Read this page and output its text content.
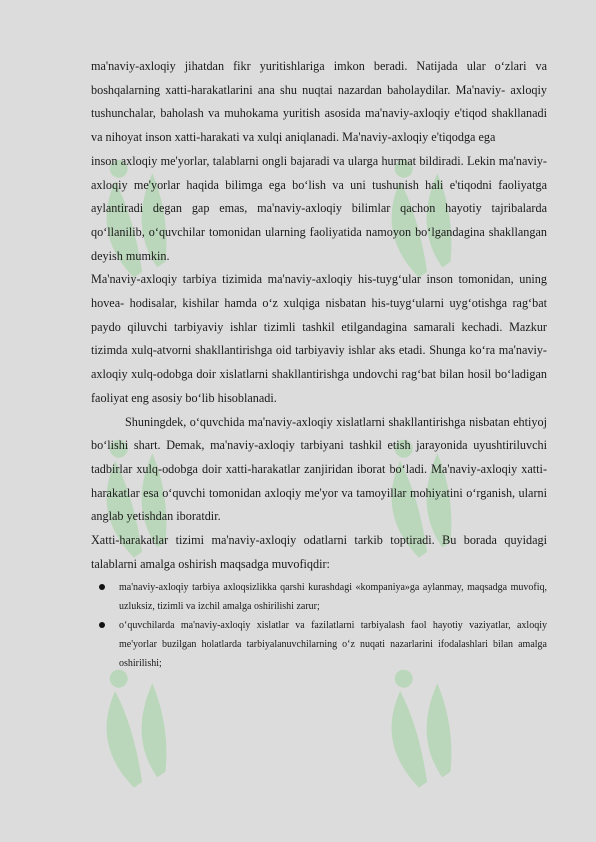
ma'naviy-axloqiy jihatdan fikr yuritishlariga imkon beradi. Natijada ular o‘zlari va boshqalarning xatti-harakatlarini ana shu nuqtai nazardan baholaydilar. Ma'naviy- axloqiy tushunchalar, baholash va muhokama yuritish asosida ma'naviy-axloqiy e'tiqod shakllanadi va nihoyat inson xatti-harakati va xulqi aniqlanadi. Ma'naviy-axloqiy e'tiqodga ega

inson axloqiy me'yorlar, talablarni ongli bajaradi va ularga hurmat bildiradi. Lekin ma'naviy- axloqiy me'yorlar haqida bilimga ega bo‘lish va uni tushunish hali e'tiqodni faoliyatga aylantiradi degan gap emas, ma'naviy-axloqiy bilimlar qachon hayotiy tajribalarda qo‘llanilib, o‘quvchilar tomonidan ularning faoliyatida namoyon bo‘lgandagina shakllangan deyish mumkin.

Ma'naviy-axloqiy tarbiya tizimida ma'naviy-axloqiy his-tuyg‘ular inson tomonidan, uning hovea- hodisalar, kishilar hamda o‘z xulqiga nisbatan his-tuyg‘ularni uyg‘otishga rag‘bat paydo qiluvchi tarbiyaviy ishlar tizimli tashkil etilgandagina samarali kechadi. Mazkur tizimda xulq-atvorni shakllantirishga oid tarbiyaviy ishlar aks etadi. Shunga ko‘ra ma'naviy-axloqiy xulq-odobga doir xislatlarni shakllantirishga undovchi rag‘bat bilan hosil bo‘ladigan faoliyat eng asosiy bo‘lib hisoblanadi.

Shuningdek, o‘quvchida ma'naviy-axloqiy xislatlarni shakllantirishga nisbatan ehtiyoj bo‘lishi shart. Demak, ma'naviy-axloqiy tarbiyani tashkil etish jarayonida uyushtiriluvchi tadbirlar xulq-odobga doir xatti-harakatlar zanjiridan iborat bo‘ladi. Ma'naviy-axloqiy xatti- harakatlar esa o‘quvchi tomonidan axloqiy me'yor va tamoyillar mohiyatini o‘rganish, ularni anglab yetishdan iboratdir.

Xatti-harakatlar tizimi ma'naviy-axloqiy odatlarni tarkib toptiradi. Bu borada quyidagi talablarni amalga oshirish maqsadga muvofiqdir:

ma'naviy-axloqiy tarbiya axloqsizlikka qarshi kurashdagi «kompaniya»ga aylanmay, maqsadga muvofiq, uzluksiz, tizimli va izchil amalga oshirilishi zarur;
o‘quvchilarda ma'naviy-axloqiy xislatlar va fazilatlarni tarbiyalash faol hayotiy vaziyatlar, axloqiy me'yorlar buzilgan holatlarda tarbiyalanuvchilarning o‘z nuqati nazarlarini ifodalashlari bilan amalga oshirilishi;
